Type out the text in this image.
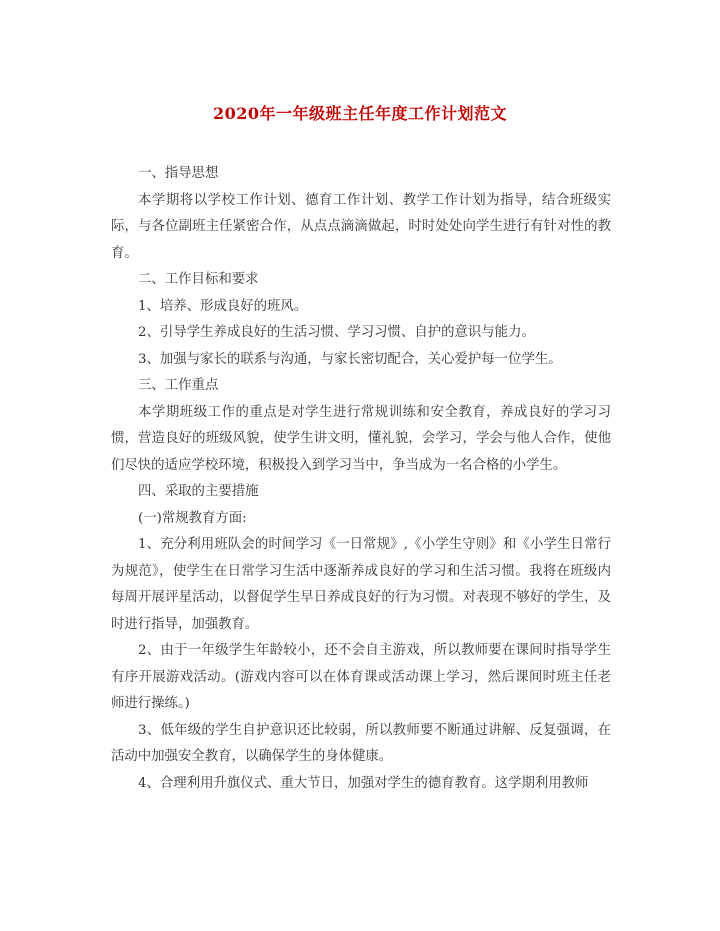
2020年一年级班主任年度工作计划范文

一、指导思想

本学期将以学校工作计划、德育工作计划、教学工作计划为指导，结合班级实际，与各位副班主任紧密合作，从点点滴滴做起，时时处处向学生进行有针对性的教育。

二、工作目标和要求

1、培养、形成良好的班风。

2、引导学生养成良好的生活习惯、学习习惯、自护的意识与能力。

3、加强与家长的联系与沟通，与家长密切配合，关心爱护每一位学生。

三、工作重点

本学期班级工作的重点是对学生进行常规训练和安全教育，养成良好的学习习惯，营造良好的班级风貌，使学生讲文明，懂礼貌，会学习，学会与他人合作，使他们尽快的适应学校环境，积极投入到学习当中，争当成为一名合格的小学生。

四、采取的主要措施

(一)常规教育方面:

1、充分利用班队会的时间学习《一日常规》,《小学生守则》和《小学生日常行为规范》，使学生在日常学习生活中逐渐养成良好的学习和生活习惯。我将在班级内每周开展评星活动，以督促学生早日养成良好的行为习惯。对表现不够好的学生，及时进行指导，加强教育。

2、由于一年级学生年龄较小，还不会自主游戏，所以教师要在课间时指导学生有序开展游戏活动。(游戏内容可以在体育课或活动课上学习，然后课间时班主任老师进行操练。)

3、低年级的学生自护意识还比较弱，所以教师要不断通过讲解、反复强调，在活动中加强安全教育，以确保学生的身体健康。

4、合理利用升旗仪式、重大节日，加强对学生的德育教育。这学期利用教师
